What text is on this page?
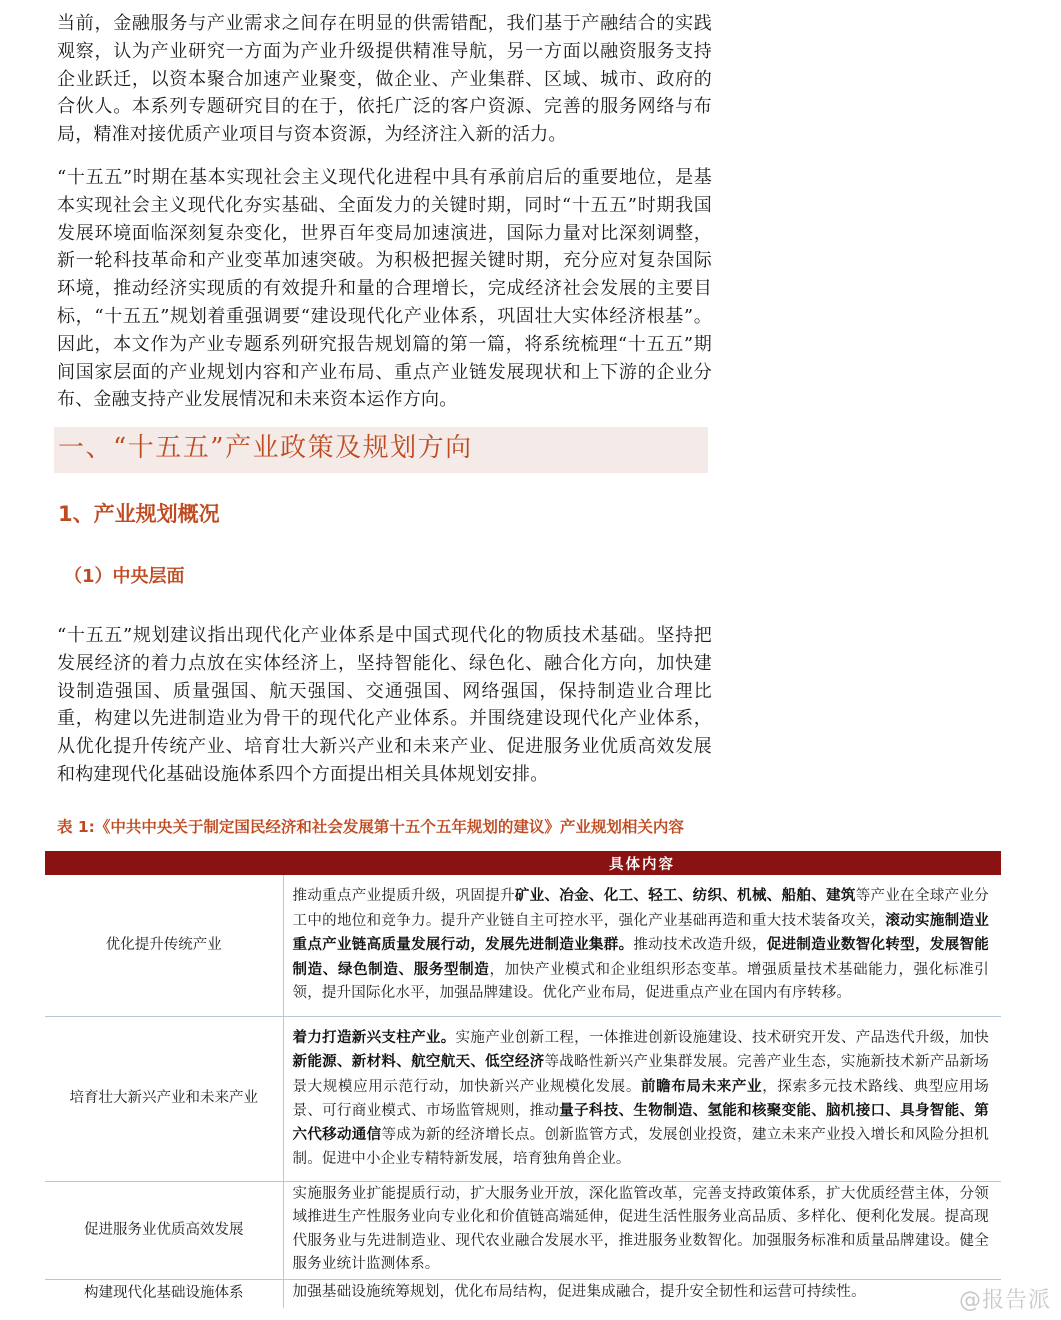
当前，金融服务与产业需求之间存在明显的供需错配，我们基于产融结合的实践观察，认为产业研究一方面为产业升级提供精准导航，另一方面以融资服务支持企业跃迁，以资本聚合加速产业聚变，做企业、产业集群、区域、城市、政府的合伙人。本系列专题研究目的在于，依托广泛的客户资源、完善的服务网络与布局，精准对接优质产业项目与资本资源，为经济注入新的活力。

“十五五”时期在基本实现社会主义现代化进程中具有承前启后的重要地位，是基本实现社会主义现代化夯实基础、全面发力的关键时期，同时“十五五”时期我国发展环境面临深刻复杂变化，世界百年变局加速演进，国际力量对比深刻调整，新一轮科技革命和产业变革加速突破。为积极把握关键时期，充分应对复杂国际环境，推动经济实现质的有效提升和量的合理增长，完成经济社会发展的主要目标，“十五五”规划着重强调要“建设现代化产业体系，巩固壮大实体经济根基”。因此，本文作为产业专题系列研究报告规划篇的第一篇，将系统梳理“十五五”期间国家层面的产业规划内容和产业布局、重点产业链发展现状和上下游的企业分布、金融支持产业发展情况和未来资本运作方向。

一、“十五五”产业政策及规划方向
1、产业规划概况
（1）中央层面

“十五五”规划建议指出现代化产业体系是中国式现代化的物质技术基础。坚持把发展经济的着力点放在实体经济上，坚持智能化、绿色化、融合化方向，加快建设制造强国、质量强国、航天强国、交通强国、网络强国，保持制造业合理比重，构建以先进制造业为骨干的现代化产业体系。并围绕建设现代化产业体系，从优化提升传统产业、培育壮大新兴产业和未来产业、促进服务业优质高效发展和构建现代化基础设施体系四个方面提出相关具体规划安排。

表 1:《中共中央关于制定国民经济和社会发展第十五个五年规划的建议》产业规划相关内容

	具体内容
优化提升传统产业	推动重点产业提质升级，巩固提升矿业、冶金、化工、轻工、纺织、机械、船舶、建筑等产业在全球产业分工中的地位和竞争力。提升产业链自主可控水平，强化产业基础再造和重大技术装备攻关，滚动实施制造业重点产业链高质量发展行动，发展先进制造业集群。推动技术改造升级，促进制造业数智化转型，发展智能制造、绿色制造、服务型制造，加快产业模式和企业组织形态变革。增强质量技术基础能力，强化标准引领，提升国际化水平，加强品牌建设。优化产业布局，促进重点产业在国内有序转移。
培育壮大新兴产业和未来产业	着力打造新兴支柱产业。实施产业创新工程，一体推进创新设施建设、技术研究开发、产品迭代升级，加快新能源、新材料、航空航天、低空经济等战略性新兴产业集群发展。完善产业生态，实施新技术新产品新场景大规模应用示范行动，加快新兴产业规模化发展。前瞻布局未来产业，探索多元技术路线、典型应用场景、可行商业模式、市场监管规则，推动量子科技、生物制造、氢能和核聚变能、脑机接口、具身智能、第六代移动通信等成为新的经济增长点。创新监管方式，发展创业投资，建立未来产业投入增长和风险分担机制。促进中小企业专精特新发展，培育独角兽企业。
促进服务业优质高效发展	实施服务业扩能提质行动，扩大服务业开放，深化监管改革，完善支持政策体系，扩大优质经营主体，分领域推进生产性服务业向专业化和价值链高端延伸，促进生活性服务业高品质、多样化、便利化发展。提高现代服务业与先进制造业、现代农业融合发展水平，推进服务业数智化。加强服务标准和质量品牌建设。健全服务业统计监测体系。
构建现代化基础设施体系	加强基础设施统筹规划，优化布局结构，促进集成融合，提升安全韧性和运营可持续性。	@报告派
